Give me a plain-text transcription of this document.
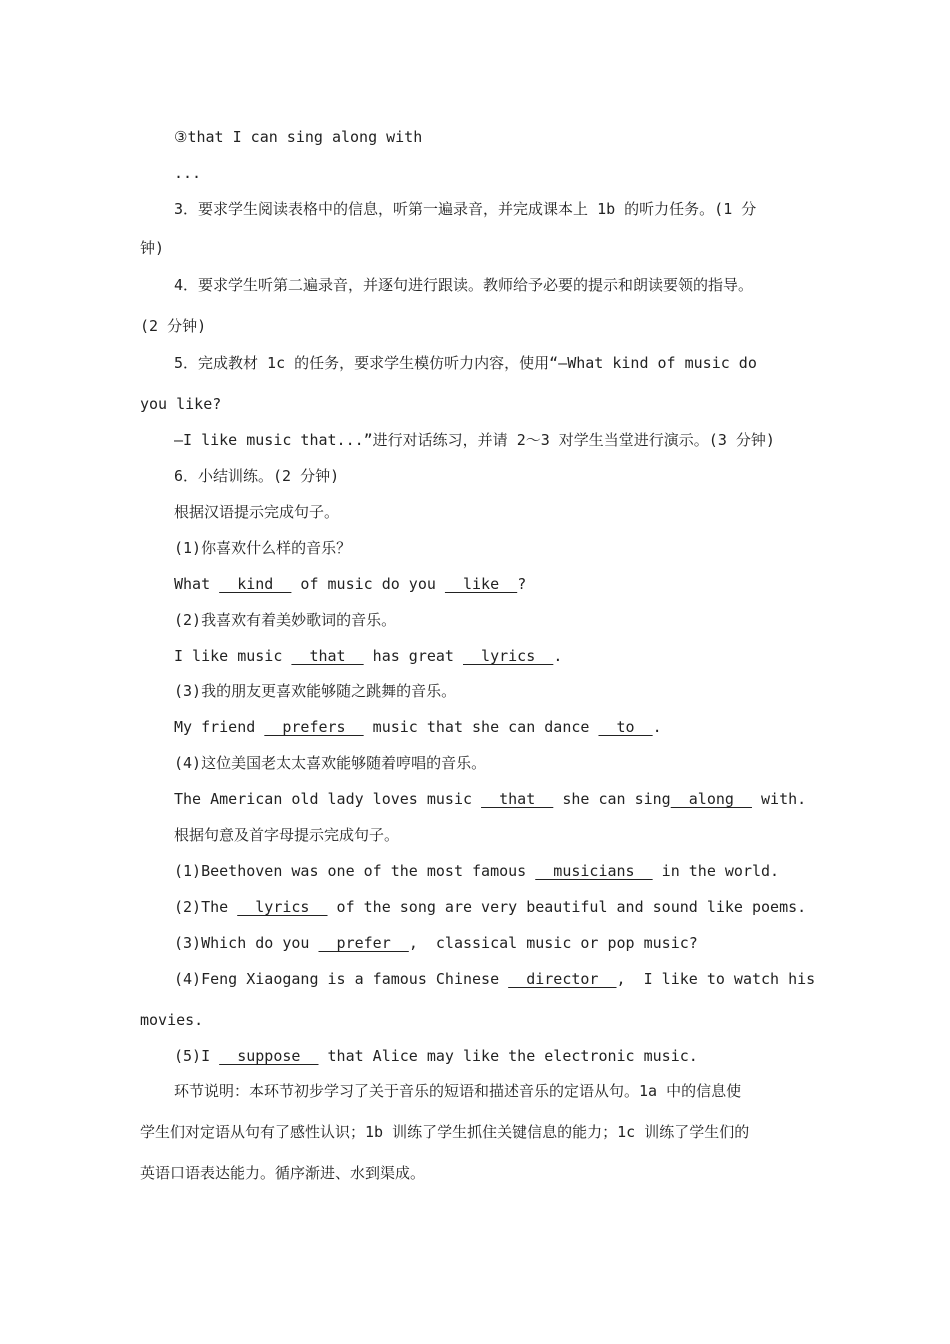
③that I can sing along with
...
3．要求学生阅读表格中的信息，听第一遍录音，并完成课本上 1b 的听力任务。(1 分
钟)
4．要求学生听第二遍录音，并逐句进行跟读。教师给予必要的提示和朗读要领的指导。
(2 分钟)
5．完成教材 1c 的任务，要求学生模仿听力内容，使用“—What kind of music do
you like?
—I like music that...”进行对话练习，并请 2～3 对学生当堂进行演示。(3 分钟)
6．小结训练。(2 分钟)
根据汉语提示完成句子。
(1)你喜欢什么样的音乐？
What   kind   of music do you   like  ?
(2)我喜欢有着美妙歌词的音乐。
I like music   that   has great   lyrics  .
(3)我的朋友更喜欢能够随之跳舞的音乐。
My friend   prefers   music that she can dance   to  .
(4)这位美国老太太喜欢能够随着哼唱的音乐。
The American old lady loves music   that   she can sing  along   with.
根据句意及首字母提示完成句子。
(1)Beethoven was one of the most famous   musicians   in the world.
(2)The   lyrics   of the song are very beautiful and sound like poems.
(3)Which do you   prefer  ,  classical music or pop music?
(4)Feng Xiaogang is a famous Chinese   director  ,  I like to watch his
movies.
(5)I   suppose   that Alice may like the electronic music.
环节说明：本环节初步学习了关于音乐的短语和描述音乐的定语从句。1a 中的信息使
学生们对定语从句有了感性认识；1b 训练了学生抓住关键信息的能力；1c 训练了学生们的
英语口语表达能力。循序渐进、水到渠成。
